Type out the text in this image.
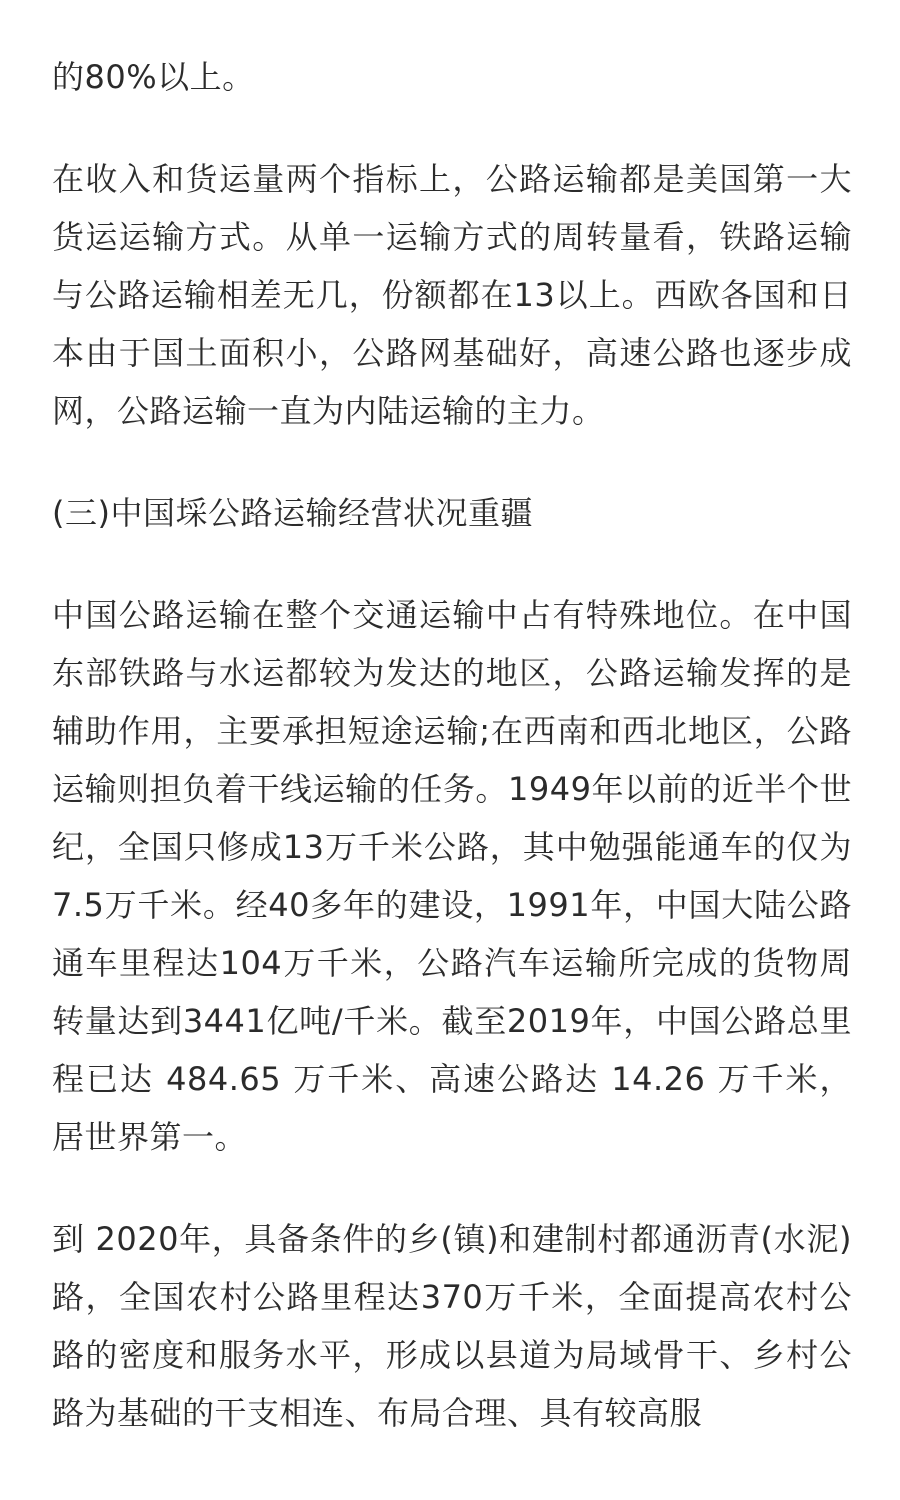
的80%以上。

在收入和货运量两个指标上，公路运输都是美国第一大货运运输方式。从单一运输方式的周转量看，铁路运输与公路运输相差无几，份额都在13以上。西欧各国和日本由于国土面积小，公路网基础好，高速公路也逐步成网，公路运输一直为内陆运输的主力。

(三)中国埰公路运输经营状况重疆

中国公路运输在整个交通运输中占有特殊地位。在中国东部铁路与水运都较为发达的地区，公路运输发挥的是辅助作用，主要承担短途运输;在西南和西北地区，公路运输则担负着干线运输的任务。1949年以前的近半个世纪，全国只修成13万千米公路，其中勉强能通车的仅为7.5万千米。经40多年的建设，1991年，中国大陆公路通车里程达104万千米，公路汽车运输所完成的货物周转量达到3441亿吨/千米。截至2019年，中国公路总里程已达 484.65 万千米、高速公路达 14.26 万千米，居世界第一。

到 2020年，具备条件的乡(镇)和建制村都通沥青(水泥)路，全国农村公路里程达370万千米，全面提高农村公路的密度和服务水平，形成以县道为局域骨干、乡村公路为基础的干支相连、布局合理、具有较高服
